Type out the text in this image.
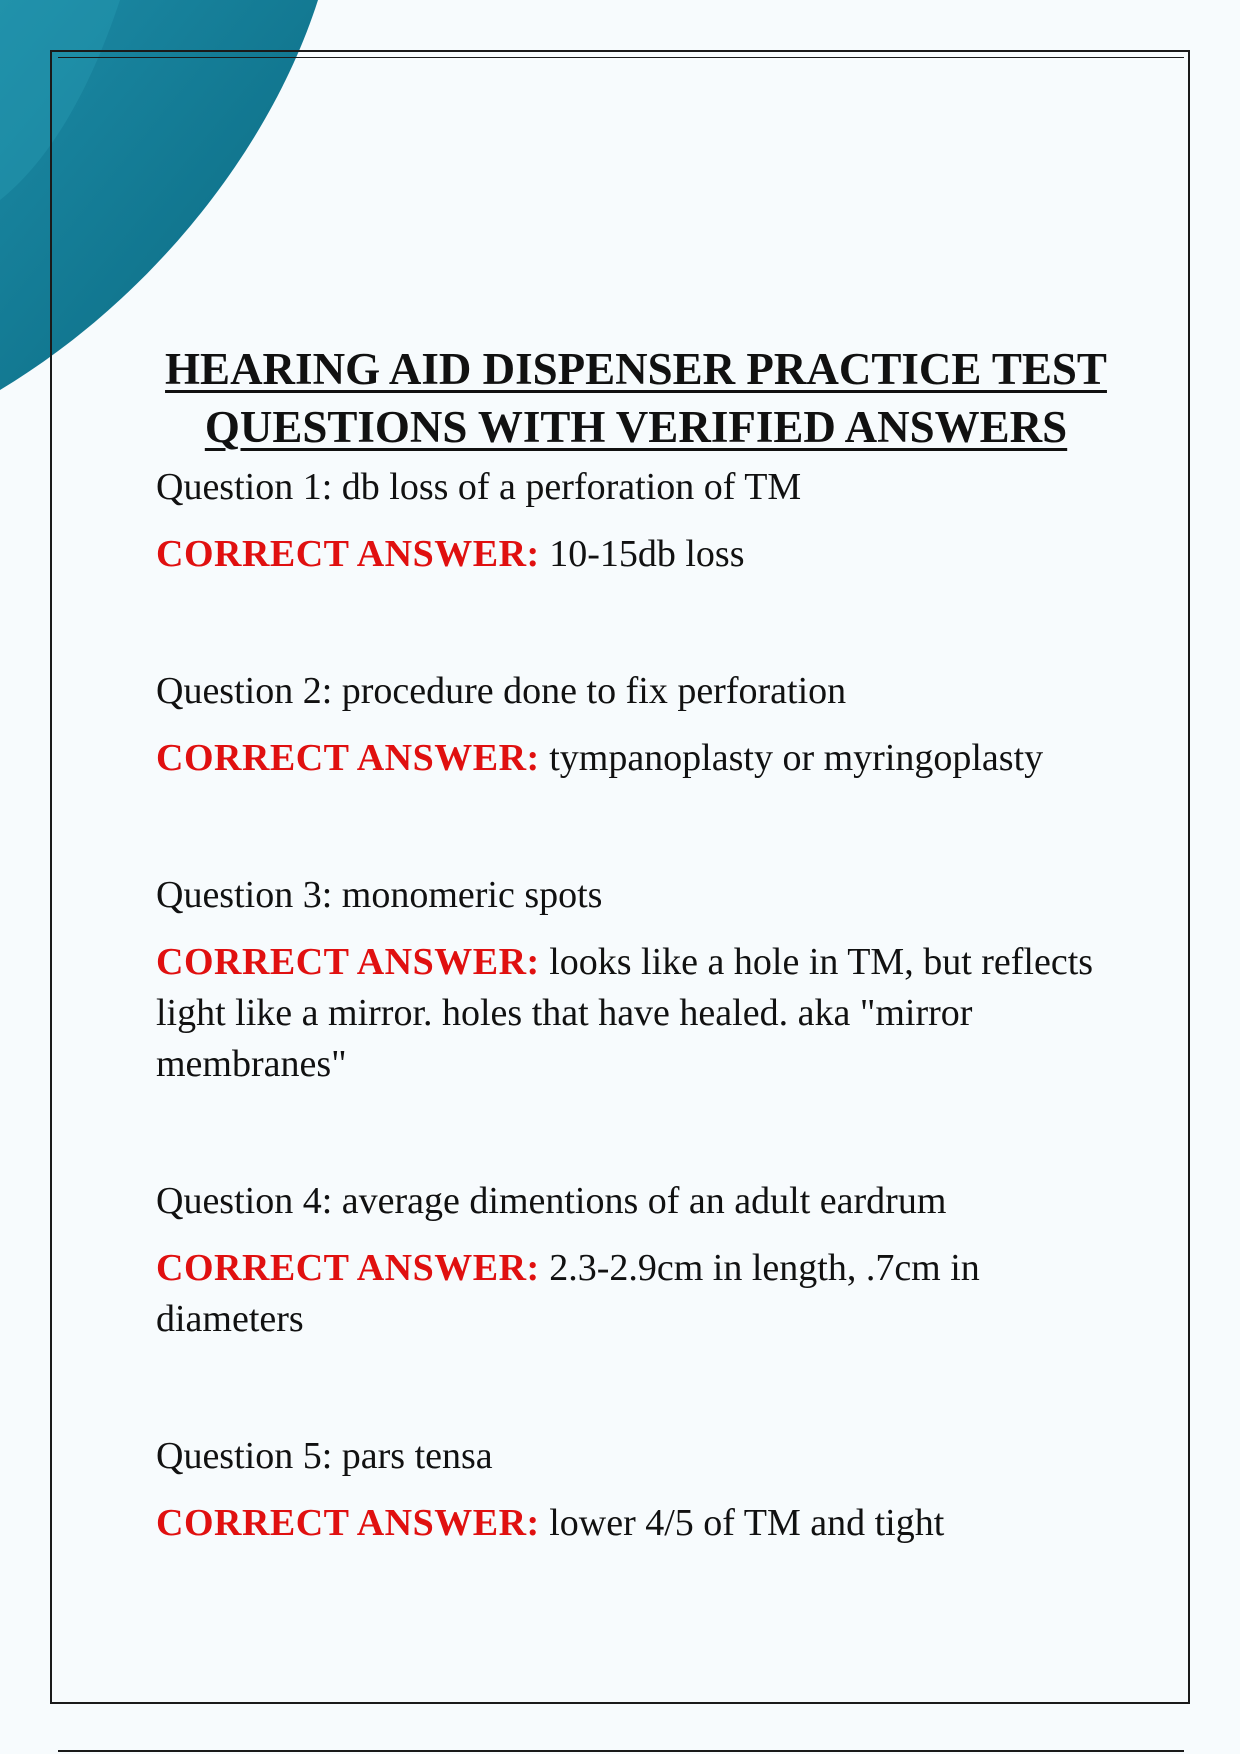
HEARING AID DISPENSER PRACTICE TEST
QUESTIONS WITH VERIFIED ANSWERS
Question 1: db loss of a perforation of TM
CORRECT ANSWER: 10-15db loss
Question 2: procedure done to fix perforation
CORRECT ANSWER: tympanoplasty or myringoplasty
Question 3: monomeric spots
CORRECT ANSWER: looks like a hole in TM, but reflects light like a mirror. holes that have healed. aka "mirror membranes"
Question 4: average dimentions of an adult eardrum
CORRECT ANSWER: 2.3-2.9cm in length, .7cm in diameters
Question 5: pars tensa
CORRECT ANSWER: lower 4/5 of TM and tight
